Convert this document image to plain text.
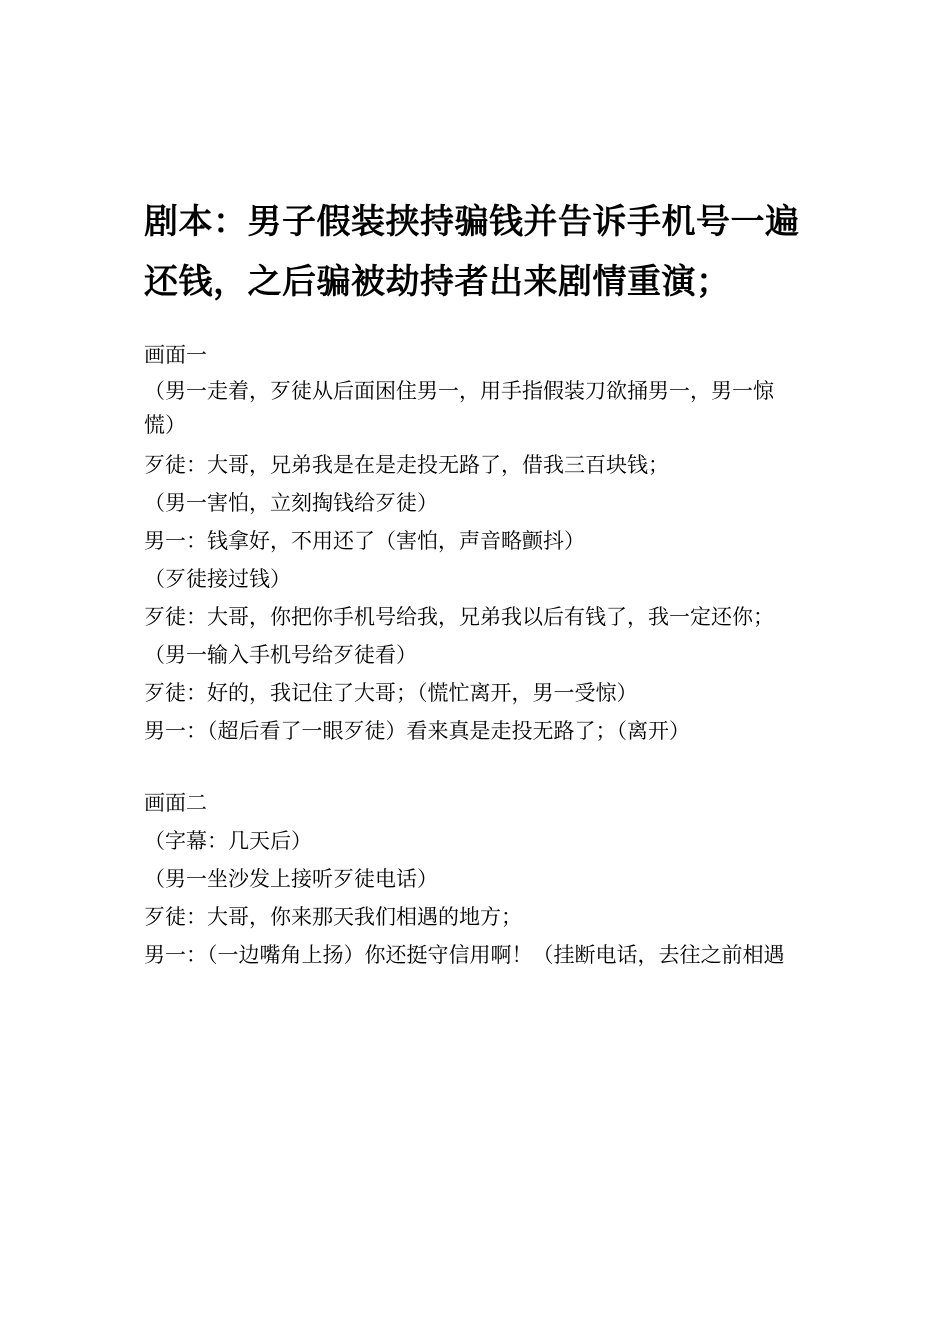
剧本：男子假装挟持骗钱并告诉手机号一遍
还钱，之后骗被劫持者出来剧情重演；
画面一
（男一走着，歹徒从后面困住男一，用手指假装刀欲捅男一，男一惊慌）
歹徒：大哥，兄弟我是在是走投无路了，借我三百块钱；
（男一害怕，立刻掏钱给歹徒）
男一：钱拿好，不用还了（害怕，声音略颤抖）
（歹徒接过钱）
歹徒：大哥，你把你手机号给我，兄弟我以后有钱了，我一定还你；
（男一输入手机号给歹徒看）
歹徒：好的，我记住了大哥；（慌忙离开，男一受惊）
男一：（超后看了一眼歹徒）看来真是走投无路了；（离开）
画面二
（字幕：几天后）
（男一坐沙发上接听歹徒电话）
歹徒：大哥，你来那天我们相遇的地方；
男一：（一边嘴角上扬）你还挺守信用啊！（挂断电话，去往之前相遇
